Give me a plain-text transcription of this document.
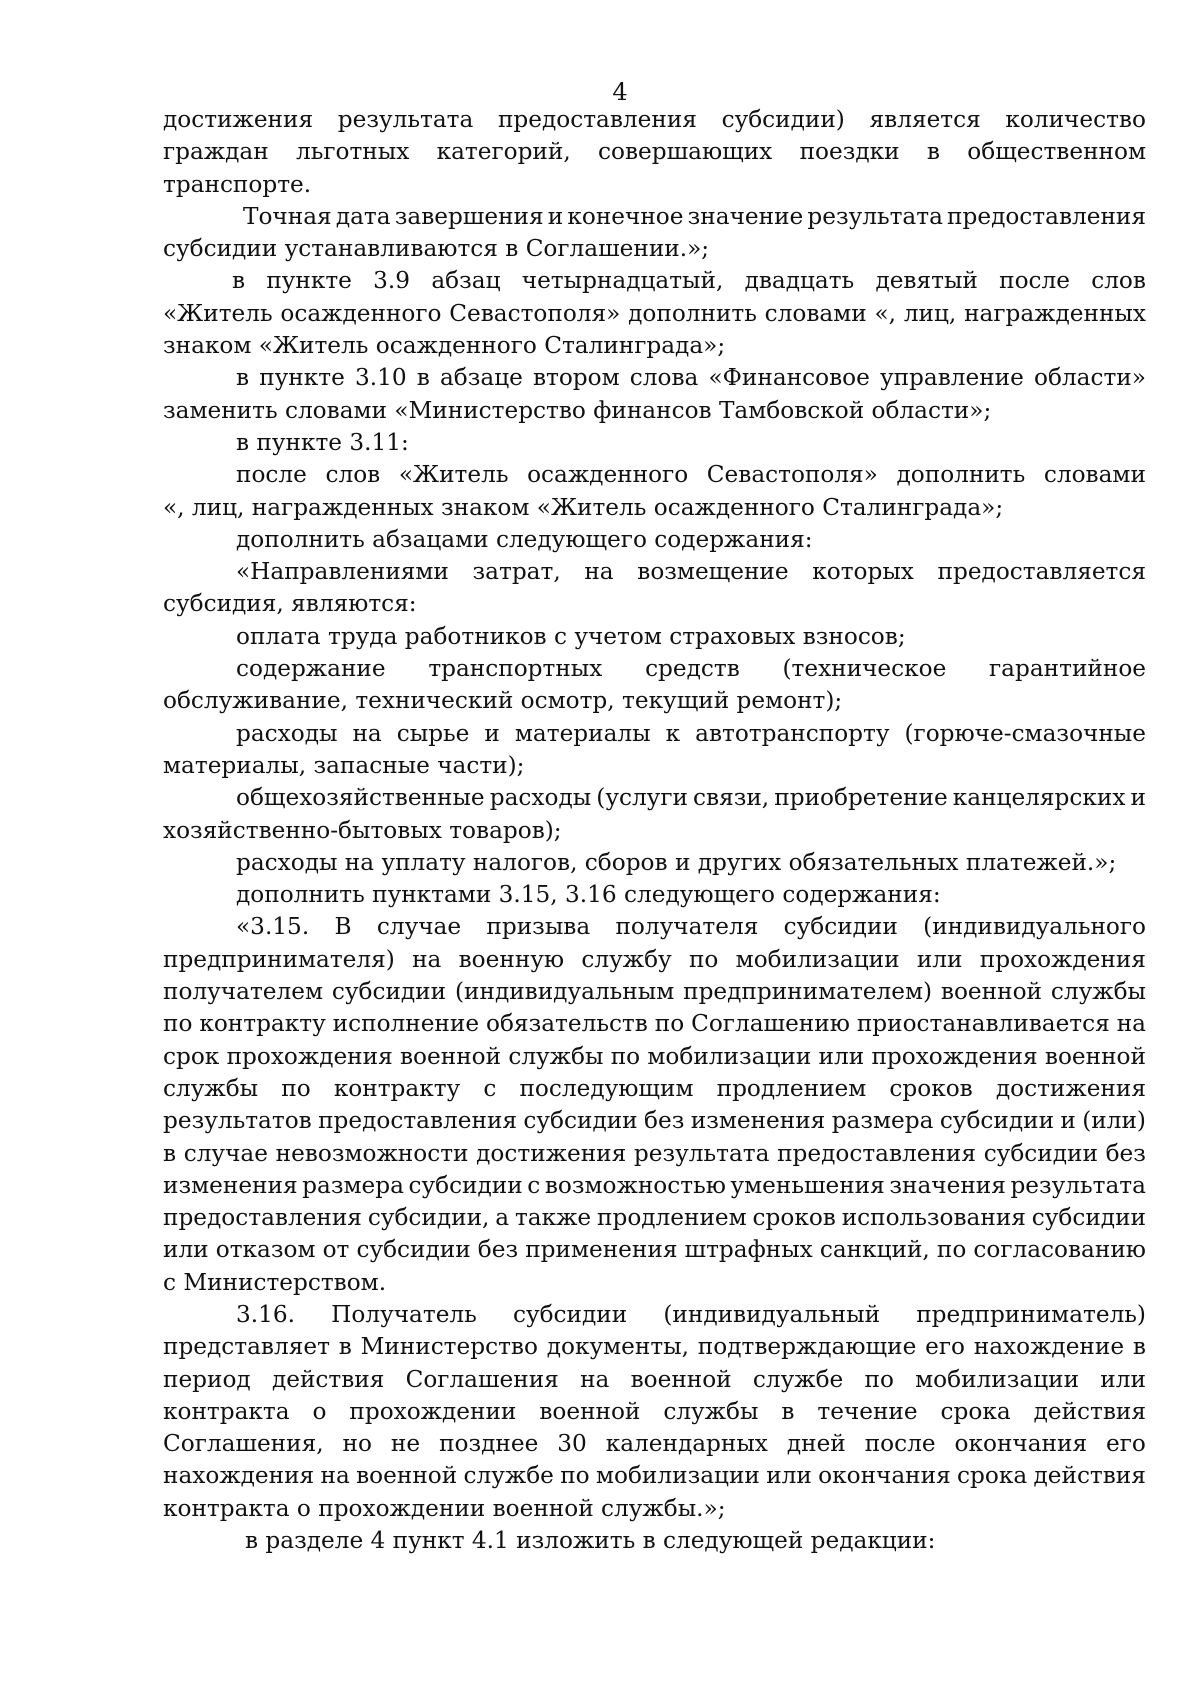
4
достижения результата предоставления субсидии) является количество
граждан льготных категорий, совершающих поездки в общественном
транспорте.
Точная дата завершения и конечное значение результата предоставления
субсидии устанавливаются в Соглашении.»;
в пункте 3.9 абзац четырнадцатый, двадцать девятый после слов
«Житель осажденного Севастополя» дополнить словами «, лиц, награжденных
знаком «Житель осажденного Сталинграда»;
в пункте 3.10 в абзаце втором слова «Финансовое управление области»
заменить словами «Министерство финансов Тамбовской области»;
в пункте 3.11:
после слов «Житель осажденного Севастополя» дополнить словами
«, лиц, награжденных знаком «Житель осажденного Сталинграда»;
дополнить абзацами следующего содержания:
«Направлениями затрат, на возмещение которых предоставляется
субсидия, являются:
оплата труда работников с учетом страховых взносов;
содержание транспортных средств (техническое гарантийное
обслуживание, технический осмотр, текущий ремонт);
расходы на сырье и материалы к автотранспорту (горюче-смазочные
материалы, запасные части);
общехозяйственные расходы (услуги связи, приобретение канцелярских и
хозяйственно-бытовых товаров);
расходы на уплату налогов, сборов и других обязательных платежей.»;
дополнить пунктами 3.15, 3.16 следующего содержания:
«3.15. В случае призыва получателя субсидии (индивидуального
предпринимателя) на военную службу по мобилизации или прохождения
получателем субсидии (индивидуальным предпринимателем) военной службы
по контракту исполнение обязательств по Соглашению приостанавливается на
срок прохождения военной службы по мобилизации или прохождения военной
службы по контракту с последующим продлением сроков достижения
результатов предоставления субсидии без изменения размера субсидии и (или)
в случае невозможности достижения результата предоставления субсидии без
изменения размера субсидии с возможностью уменьшения значения результата
предоставления субсидии, а также продлением сроков использования субсидии
или отказом от субсидии без применения штрафных санкций, по согласованию
с Министерством.
3.16. Получатель субсидии (индивидуальный предприниматель)
представляет в Министерство документы, подтверждающие его нахождение в
период действия Соглашения на военной службе по мобилизации или
контракта о прохождении военной службы в течение срока действия
Соглашения, но не позднее 30 календарных дней после окончания его
нахождения на военной службе по мобилизации или окончания срока действия
контракта о прохождении военной службы.»;
в разделе 4 пункт 4.1 изложить в следующей редакции:
